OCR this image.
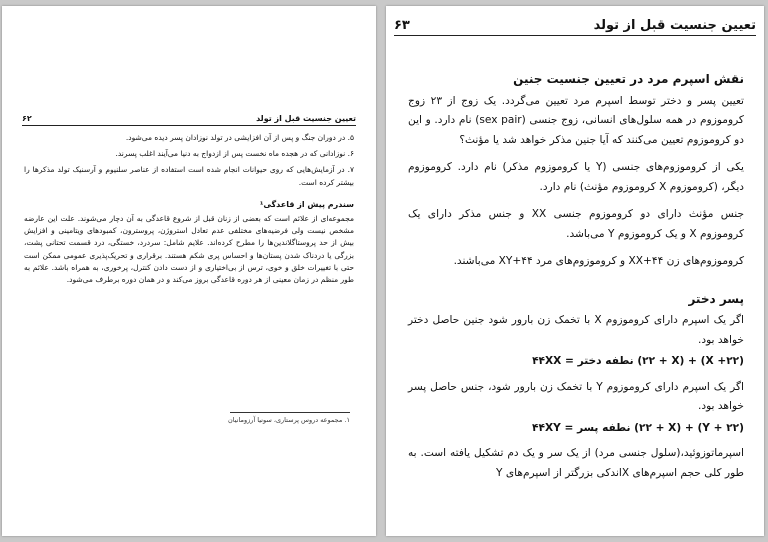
تعیین جنسیت قبل از تولد
۶۲

۵. در دوران جنگ و پس از آن افزایشی در تولد نوزادان پسر دیده می‌شود.

۶. نوزادانی که در هجده ماه نخست پس از ازدواج به دنیا می‌آیند اغلب پسرند.

۷. در آزمایش‌هایی که روی حیوانات انجام شده است استفاده از عناصر سلنیوم و آرسنیک تولد مذکرها را بیشتر کرده است.

سندرم پیش از قاعدگی¹

مجموعه‌ای از علائم است که بعضی از زنان قبل از شروع قاعدگی به آن دچار می‌شوند. علت این عارضه مشخص نیست ولی فرضیه‌های مختلفی عدم تعادل استروژن، پروسترون، کمبودهای ویتامینی و افزایش بیش از حد پروستاگلاندین‌ها را مطرح کرده‌اند. علایم شامل: سردرد، خستگی، درد قسمت تحتانی پشت، بزرگی یا دردناک شدن پستان‌ها و احساس پری شکم هستند. برقراری و تحریک‌پذیری عمومی ممکن است حتی با تغییرات خلق و خوی، ترس از بی‌اختیاری و از دست دادن کنترل، پرخوری، به همراه باشد. علائم به طور منظم در زمان معینی از هر دوره قاعدگی بروز می‌کند و در همان دوره برطرف می‌شود.

۱. مجموعه دروس پرستاری، سونیا آرزومانیان
تعیین جنسیت قبل از تولد
۶۳

نقش اسپرم مرد در تعیین جنسیت جنین

تعیین پسر و دختر توسط اسپرم مرد تعیین می‌گردد. یک زوج از ۲۳ زوج کروموزوم در همه سلول‌های انسانی، زوج جنسی (sex pair) نام دارد. و این دو کروموزوم تعیین می‌کنند که آیا جنین مذکر خواهد شد یا مؤنث؟

یکی از کروموزوم‌های جنسی (Y یا کروموزوم مذکر) نام دارد. کروموزوم دیگر، (کروموزوم X کروموزوم مؤنث) نام دارد.

جنس مؤنث دارای دو کروموزوم جنسی XX و جنس مذکر دارای یک کروموزوم X و یک کروموزوم Y می‌باشد.

کروموزوم‌های زن ۴۴+XX و کروموزوم‌های مرد ۴۴+XY می‌باشند.

پسر دختر

اگر یک اسپرم دارای کروموزوم X با تخمک زن بارور شود جنین حاصل دختر خواهد بود.

(۲۲+ X) + (۲۲ + X) نطفه دختر = ۴۴XX

اگر یک اسپرم دارای کروموزوم Y با تخمک زن بارور شود، جنس حاصل پسر خواهد بود.

(۲۲ + Y) + (۲۲ + X) نطفه پسر = ۴۴XY

اسپرماتوزوئید،(سلول جنسی مرد) از یک سر و یک دم تشکیل یافته است. به طور کلی حجم اسپرم‌های Xاندکی بزرگتر از اسپرم‌های Y
